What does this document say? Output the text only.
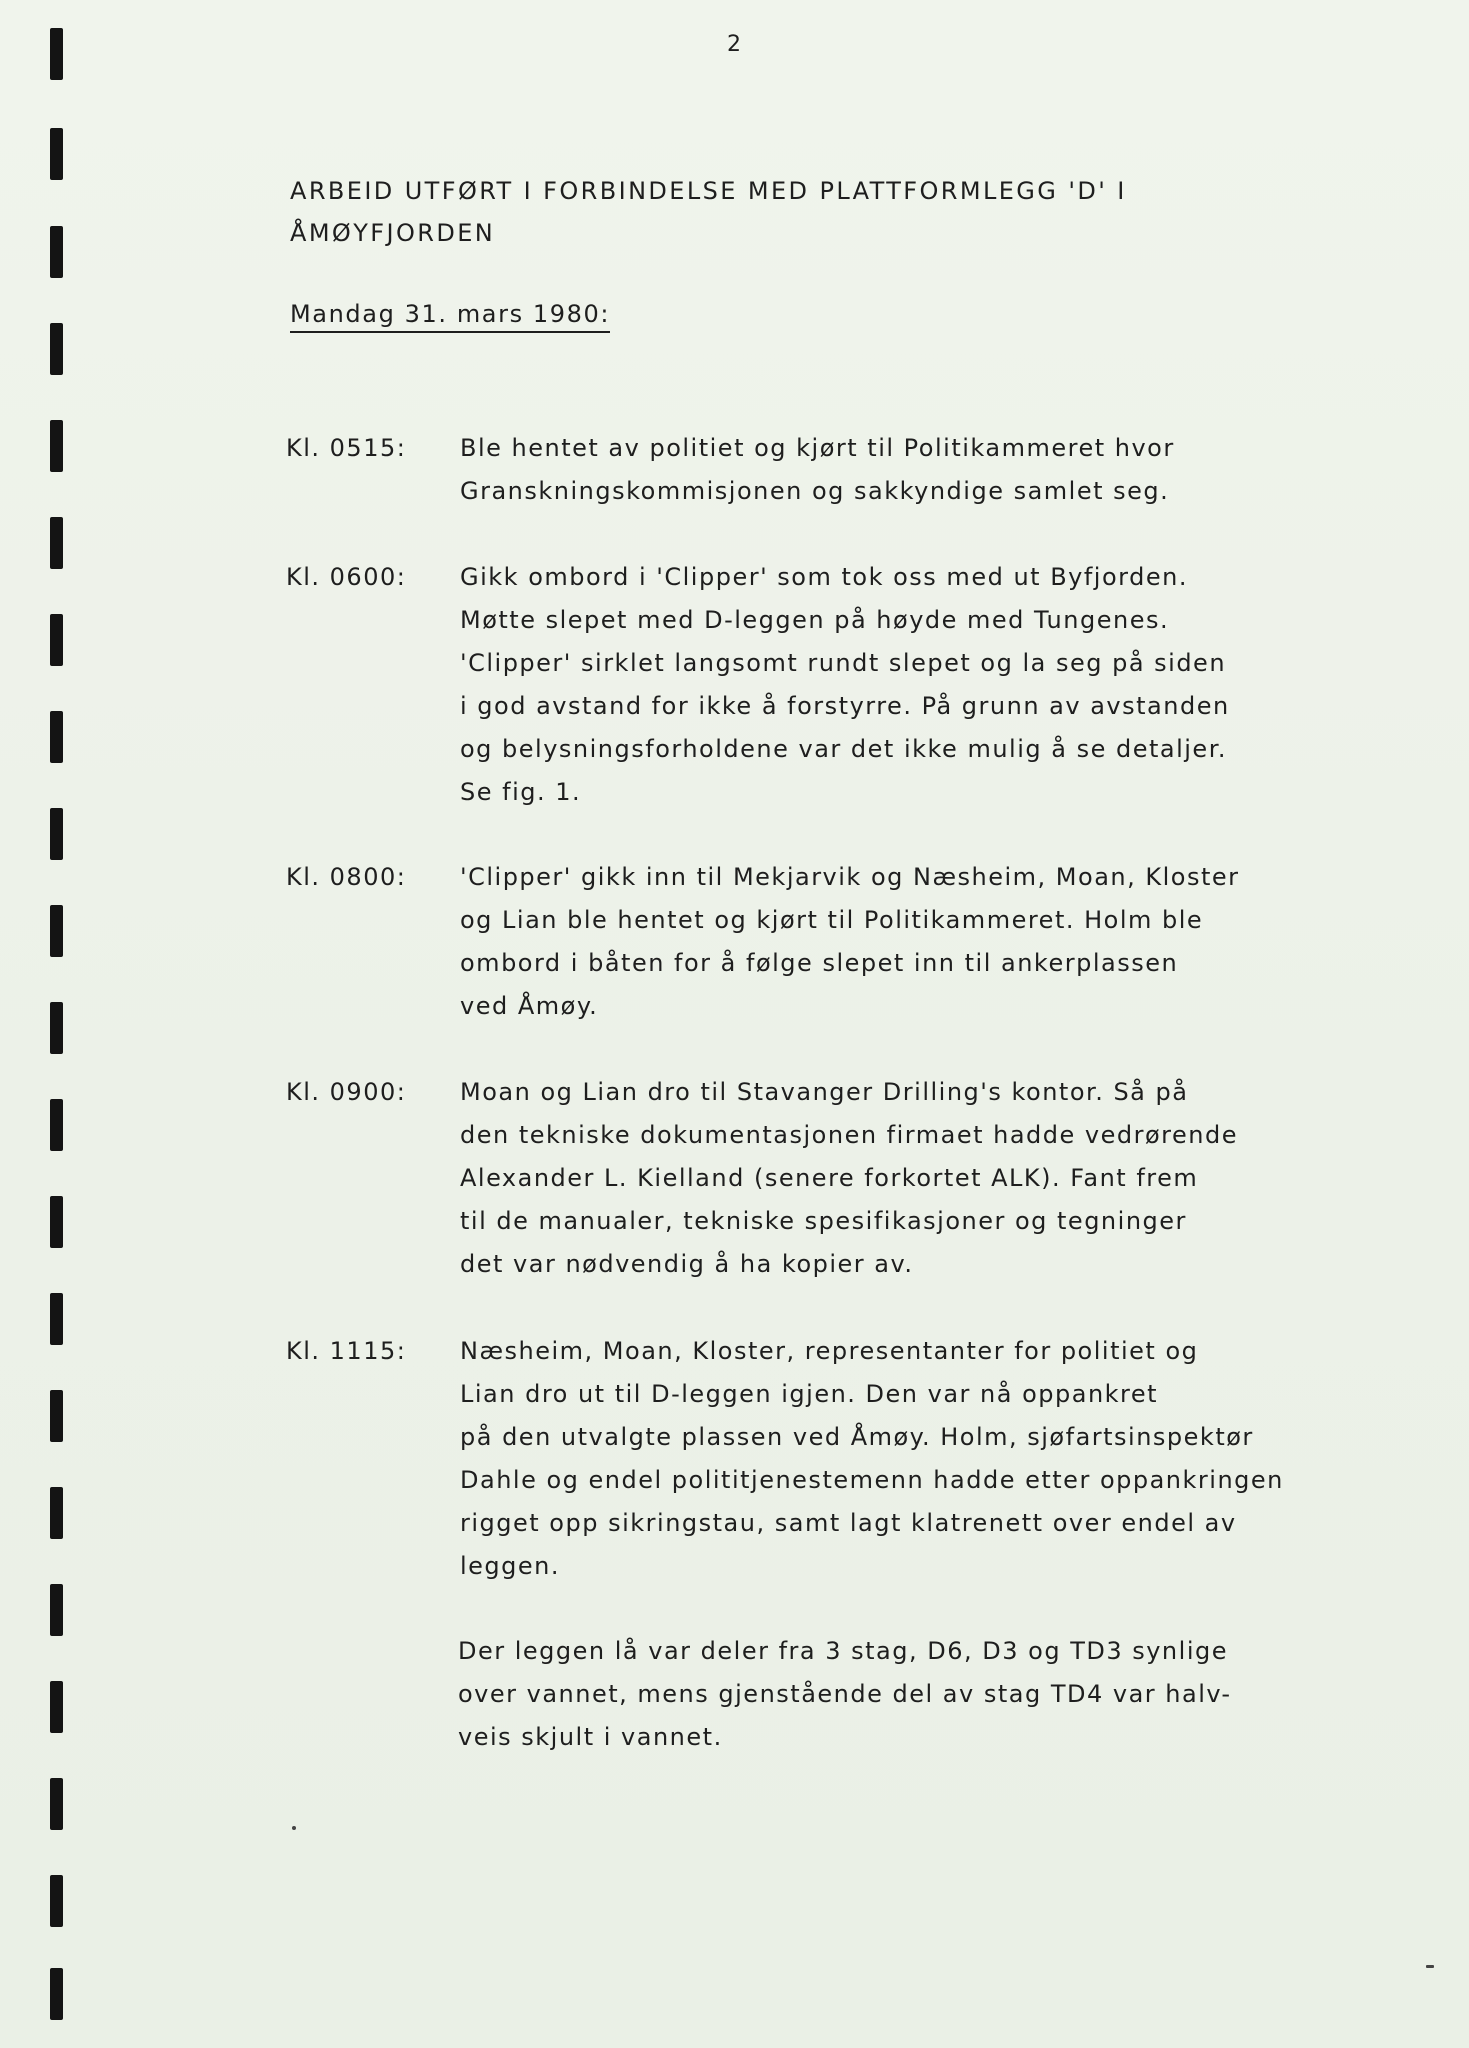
2
ARBEID UTFØRT I FORBINDELSE MED PLATTFORMLEGG 'D' I
ÅMØYFJORDEN
Mandag 31. mars 1980:
Kl. 0515:	Ble hentet av politiet og kjørt til Politikammeret hvor
Granskningskommisjonen og sakkyndige samlet seg.
Kl. 0600:	Gikk ombord i 'Clipper' som tok oss med ut Byfjorden.
Møtte slepet med D-leggen på høyde med Tungenes.
'Clipper' sirklet langsomt rundt slepet og la seg på siden
i god avstand for ikke å forstyrre. På grunn av avstanden
og belysningsforholdene var det ikke mulig å se detaljer.
Se fig. 1.
Kl. 0800:	'Clipper' gikk inn til Mekjarvik og Næsheim, Moan, Kloster
og Lian ble hentet og kjørt til Politikammeret. Holm ble
ombord i båten for å følge slepet inn til ankerplassen
ved Åmøy.
Kl. 0900:	Moan og Lian dro til Stavanger Drilling's kontor. Så på
den tekniske dokumentasjonen firmaet hadde vedrørende
Alexander L. Kielland (senere forkortet ALK). Fant frem
til de manualer, tekniske spesifikasjoner og tegninger
det var nødvendig å ha kopier av.
Kl. 1115:	Næsheim, Moan, Kloster, representanter for politiet og
Lian dro ut til D-leggen igjen. Den var nå oppankret
på den utvalgte plassen ved Åmøy. Holm, sjøfartsinspektør
Dahle og endel polititjenestemenn hadde etter oppankringen
rigget opp sikringstau, samt lagt klatrenett over endel av
leggen.
Der leggen lå var deler fra 3 stag, D6, D3 og TD3 synlige
over vannet, mens gjenstående del av stag TD4 var halv-
veis skjult i vannet.
